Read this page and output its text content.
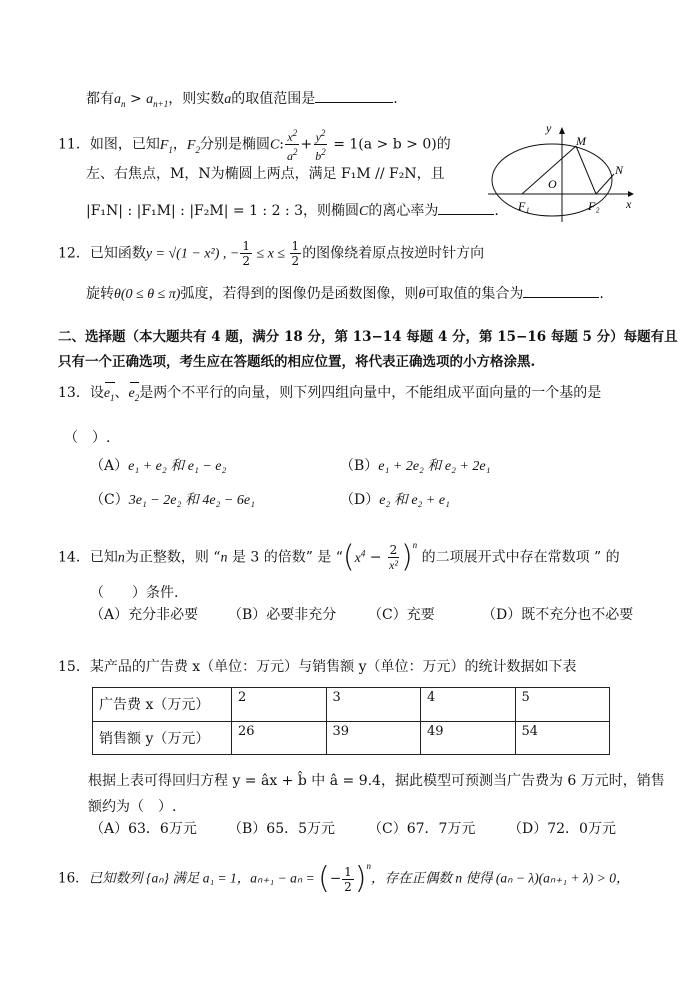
都有$a_n > a_{n+1}$，则实数a的取值范围是	.
11．如图，已知$F_1$，$F_2$分别是椭圆C: $\frac{x^2}{a^2} + \frac{y^2}{b^2} = 1(a > b > 0)$的
左、右焦点，M，N为椭圆上两点，满足 F₁M // F₂N，且
|F₁N| : |F₁M| : |F₂M| = 1 : 2 : 3，则椭圆C的离心率为	.
y
x
M
N
O
F₁	F₂
12．已知函数y = √(1 − x²) , − $\frac{1}{2} \le x \le \frac{1}{2}$ 的图像绕着原点按逆时针方向
旋转θ(0 ≤ θ ≤ π)弧度，若得到的图像仍是函数图像，则θ可取值的集合为	.
二、选择题（本大题共有 4 题，满分 18 分，第 13−14 每题 4 分，第 15−16 每题 5 分）每题有且
只有一个正确选项，考生应在答题纸的相应位置，将代表正确选项的小方格涂黑.
13．设$e_1$、$e_2$是两个不平行的向量，则下列四组向量中，不能组成平面向量的一个基的是
（　）.
（A）e₁ + e₂ 和 e₁ − e₂	（B）e₁ + 2e₂ 和 e₂ + 2e₁
（C）3e₁ − 2e₂ 和 4e₂ − 6e₁	（D）e₂ 和 e₂ + e₁
14．已知n为正整数，则 “n 是 3 的倍数” 是 “$(x^4 - \frac{2}{\text{x²}} )^n$ 的二项展开式中存在常数项 ” 的
（　　）条件.
（A）充分非必要 （B）必要非充分 （C）充要	（D）既不充分也不必要
15．某产品的广告费 x（单位：万元）与销售额 y（单位：万元）的统计数据如下表
广告费 x（万元）	2	3	4	5
销售额 y（万元）	26	39	49	54
根据上表可得回归方程 y = âx + b̂ 中 â = 9.4，据此模型可预测当广告费为 6 万元时，销售
额约为（　）.
（A）63．6万元 （B）65．5万元 （C）67．7万元 （D）72．0万元
16．已知数列 {aₙ} 满足 a₁ = 1，aₙ₊₁ − aₙ = (− $\frac{1}{2} )^n$，存在正偶数 n 使得 (aₙ − λ)(aₙ₊₁ + λ) > 0，
